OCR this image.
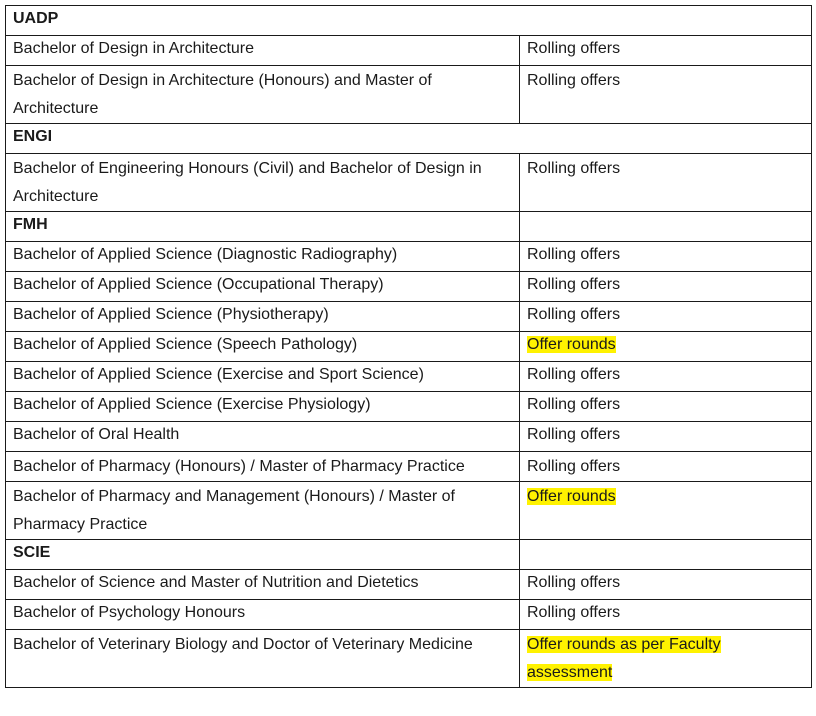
UADP	
Bachelor of Design in Architecture	Rolling offers
Bachelor of Design in Architecture (Honours) and Master of Architecture	Rolling offers
ENGI	
Bachelor of Engineering Honours (Civil) and Bachelor of Design in Architecture	Rolling offers
FMH	
Bachelor of Applied Science (Diagnostic Radiography)	Rolling offers
Bachelor of Applied Science (Occupational Therapy)	Rolling offers
Bachelor of Applied Science (Physiotherapy)	Rolling offers
Bachelor of Applied Science (Speech Pathology)	Offer rounds
Bachelor of Applied Science (Exercise and Sport Science)	Rolling offers
Bachelor of Applied Science (Exercise Physiology)	Rolling offers
Bachelor of Oral Health	Rolling offers
Bachelor of Pharmacy (Honours) / Master of Pharmacy Practice	Rolling offers
Bachelor of Pharmacy and Management (Honours) / Master of Pharmacy Practice	Offer rounds
SCIE	
Bachelor of Science and Master of Nutrition and Dietetics	Rolling offers
Bachelor of Psychology Honours	Rolling offers
Bachelor of Veterinary Biology and Doctor of Veterinary Medicine	Offer rounds as per Faculty assessment
